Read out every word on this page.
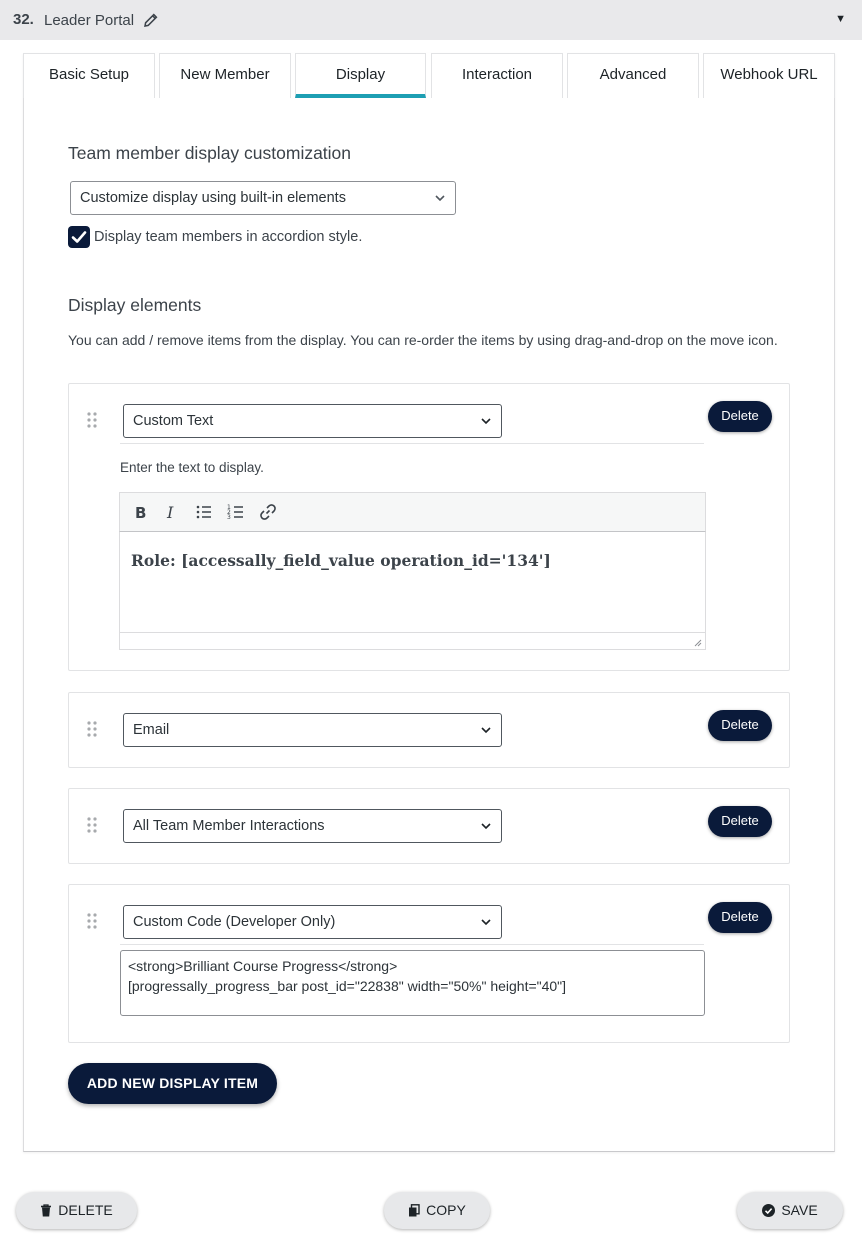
32. Leader Portal	▼
Basic Setup	New Member	Display	Interaction	Advanced	Webhook URL
Team member display customization
Customize display using built-in elements
Display team members in accordion style.
Display elements
You can add / remove items from the display. You can re-order the items by using drag-and-drop on the move icon.
Custom Text	Delete
Enter the text to display.
B I	1
2
3
Role: [accessally_field_value operation_id='134']
Email	Delete
All Team Member Interactions	Delete
Custom Code (Developer Only)	Delete
<strong>Brilliant Course Progress</strong>
[progressally_progress_bar post_id="22838" width="50%" height="40"]
ADD NEW DISPLAY ITEM
DELETE	COPY	SAVE
